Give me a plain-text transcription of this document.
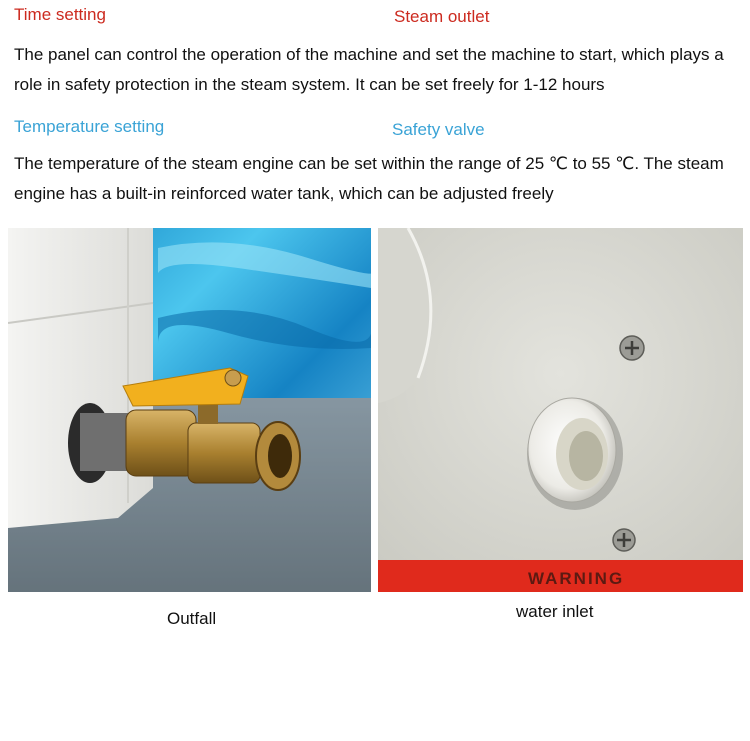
Time setting	Steam outlet
The panel can control the operation of the machine and set the machine to start, which plays a role in safety protection in the steam system. It can be set freely for 1-12 hours
Temperature setting	Safety valve
The temperature of the steam engine can be set within the range of 25 ℃ to 55 ℃. The steam engine has a built-in reinforced water tank, which can be adjusted freely
WARNING
Outfall	water inlet
